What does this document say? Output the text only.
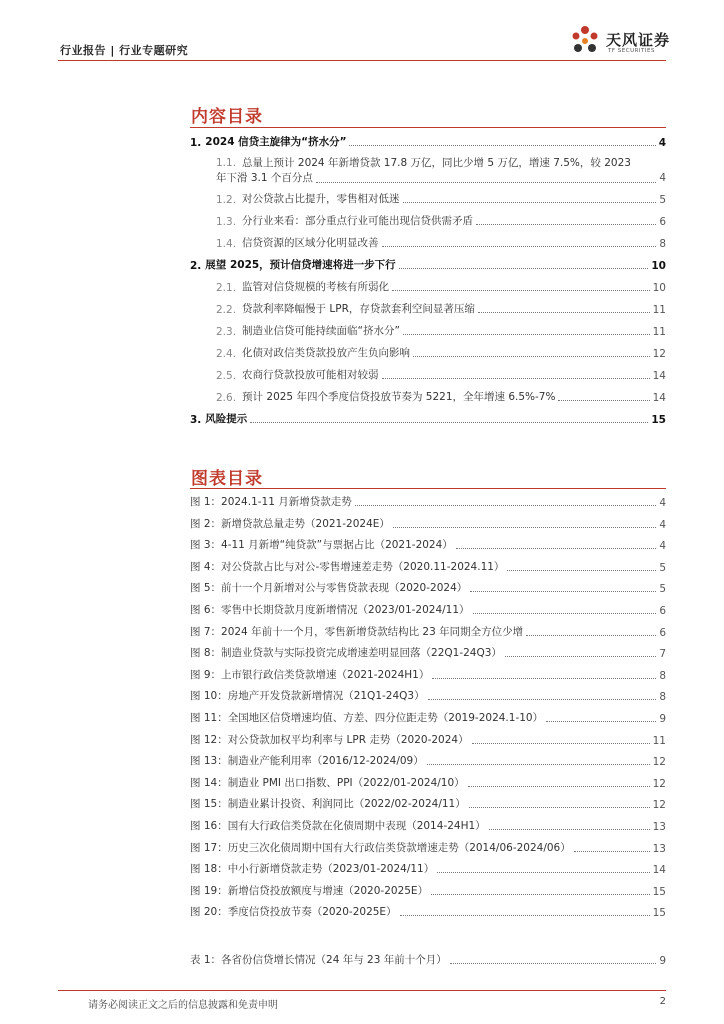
行业报告 | 行业专题研究
天风证券
TF SECURITIES
内容目录
1. 2024 信贷主旋律为“挤水分”	4
1.1. 总量上预计 2024 年新增贷款 17.8 万亿，同比少增 5 万亿，增速 7.5%，较 2023
年下滑 3.1 个百分点	4
1.2. 对公贷款占比提升，零售相对低迷	5
1.3. 分行业来看：部分重点行业可能出现信贷供需矛盾	6
1.4. 信贷资源的区域分化明显改善	8
2. 展望 2025，预计信贷增速将进一步下行	10
2.1. 监管对信贷规模的考核有所弱化	10
2.2. 贷款利率降幅慢于 LPR，存贷款套利空间显著压缩	11
2.3. 制造业信贷可能持续面临“挤水分”	11
2.4. 化债对政信类贷款投放产生负向影响	12
2.5. 农商行贷款投放可能相对较弱	14
2.6. 预计 2025 年四个季度信贷投放节奏为 5221，全年增速 6.5%-7%	14
3. 风险提示	15
图表目录
图 1：2024.1-11 月新增贷款走势	4
图 2：新增贷款总量走势（2021-2024E）	4
图 3：4-11 月新增“纯贷款”与票据占比（2021-2024）	4
图 4：对公贷款占比与对公-零售增速差走势（2020.11-2024.11）	5
图 5：前十一个月新增对公与零售贷款表现（2020-2024）	5
图 6：零售中长期贷款月度新增情况（2023/01-2024/11）	6
图 7：2024 年前十一个月，零售新增贷款结构比 23 年同期全方位少增	6
图 8：制造业贷款与实际投资完成增速差明显回落（22Q1-24Q3）	7
图 9：上市银行政信类贷款增速（2021-2024H1）	8
图 10：房地产开发贷款新增情况（21Q1-24Q3）	8
图 11：全国地区信贷增速均值、方差、四分位距走势（2019-2024.1-10）	9
图 12：对公贷款加权平均利率与 LPR 走势（2020-2024）	11
图 13：制造业产能利用率（2016/12-2024/09）	12
图 14：制造业 PMI 出口指数、PPI（2022/01-2024/10）	12
图 15：制造业累计投资、利润同比（2022/02-2024/11）	12
图 16：国有大行政信类贷款在化债周期中表现（2014-24H1）	13
图 17：历史三次化债周期中国有大行政信类贷款增速走势（2014/06-2024/06）	13
图 18：中小行新增贷款走势（2023/01-2024/11）	14
图 19：新增信贷投放额度与增速（2020-2025E）	15
图 20：季度信贷投放节奏（2020-2025E）	15
表 1：各省份信贷增长情况（24 年与 23 年前十个月）	9
请务必阅读正文之后的信息披露和免责申明	2
